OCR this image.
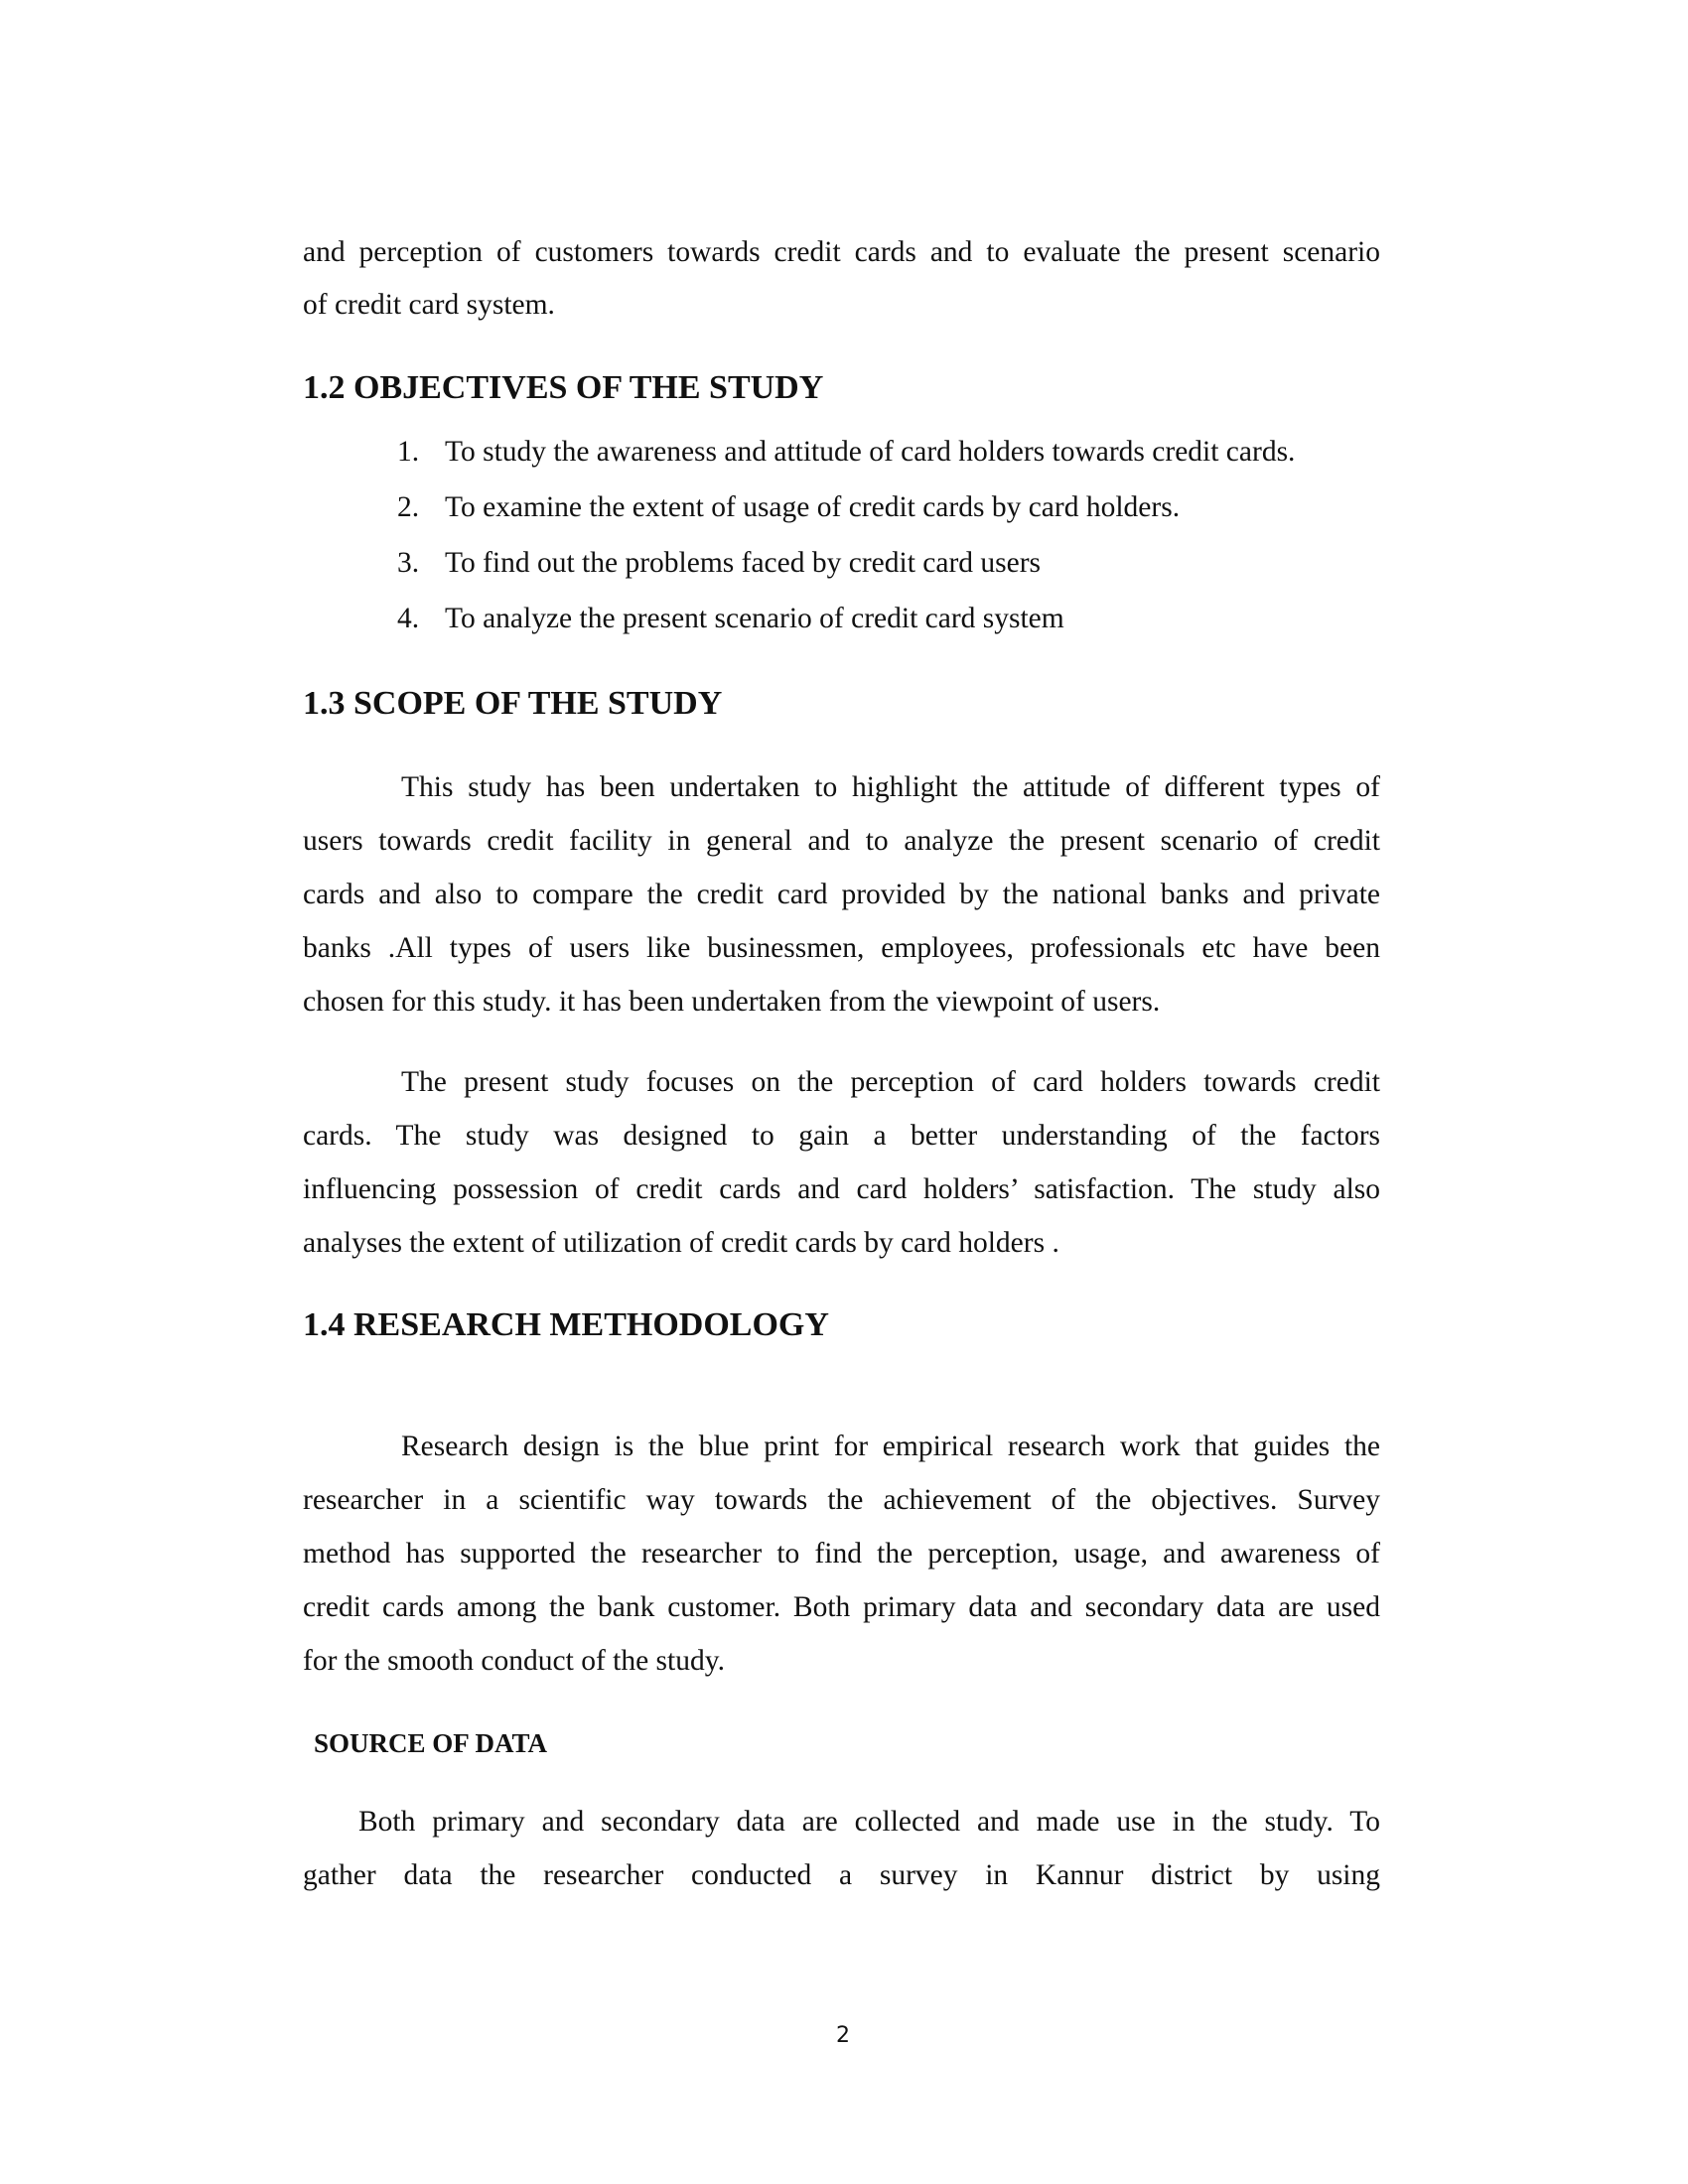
and perception of customers towards credit cards and to evaluate the present scenario
of credit card system.
1.2 OBJECTIVES OF THE STUDY
1. To study the awareness and attitude of card holders towards credit cards.
2. To examine the extent of usage of credit cards by card holders.
3. To find out the problems faced by credit card users
4. To analyze the present scenario of credit card system
1.3 SCOPE OF THE STUDY
This study has been undertaken to highlight the attitude of different types of
users towards credit facility in general and to analyze the present scenario of credit
cards and also to compare the credit card provided by the national banks and private
banks .All types of users like businessmen, employees, professionals etc have been
chosen for this study. it has been undertaken from the viewpoint of users.
The present study focuses on the perception of card holders towards credit
cards. The study was designed to gain a better understanding of the factors
influencing possession of credit cards and card holders’ satisfaction. The study also
analyses the extent of utilization of credit cards by card holders .
1.4 RESEARCH METHODOLOGY
Research design is the blue print for empirical research work that guides the
researcher in a scientific way towards the achievement of the objectives. Survey
method has supported the researcher to find the perception, usage, and awareness of
credit cards among the bank customer. Both primary data and secondary data are used
for the smooth conduct of the study.
SOURCE OF DATA
Both primary and secondary data are collected and made use in the study. To
gather data the researcher conducted a survey in Kannur district by using
2
